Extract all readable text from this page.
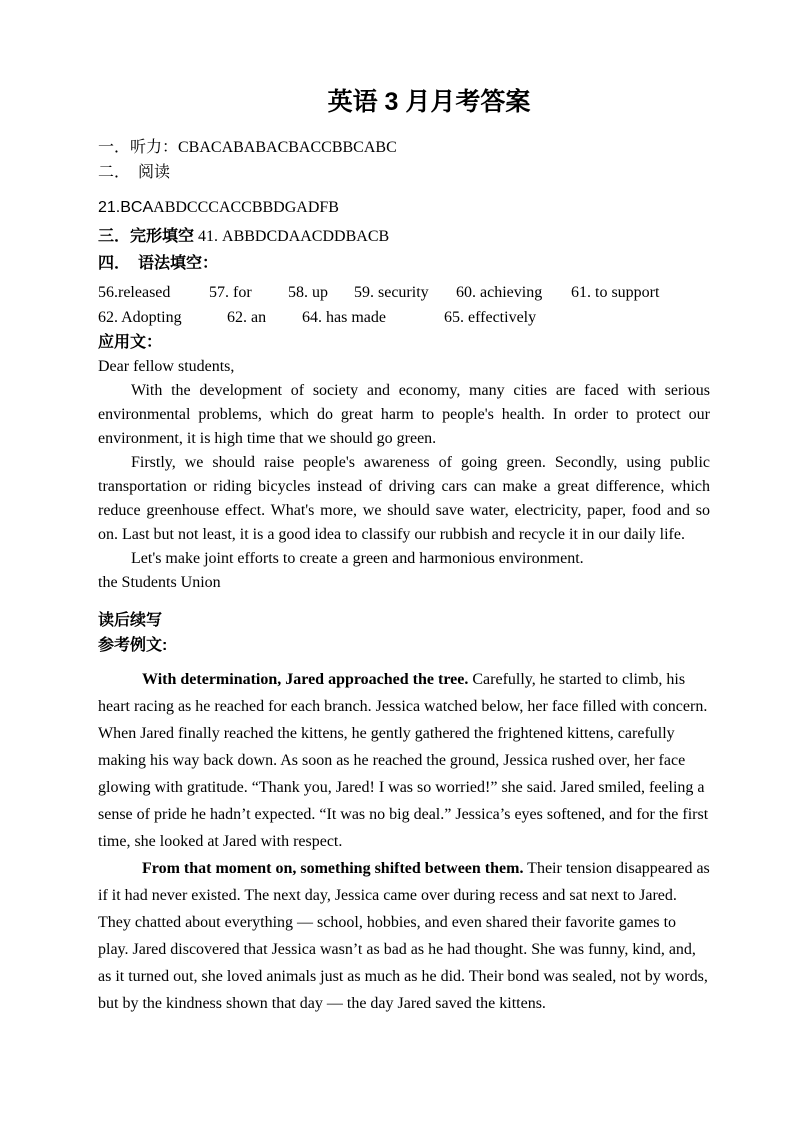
英语 3 月月考答案
一．听力：CBACABABACBACCBBCABC
二．　阅读
21.BCAABDCCCACCBBDGADFB
三．完形填空 41. ABBDCDAACDDBACB
四．　语法填空：
56.released 57. for 58. up 59. security 60. achieving 61. to support
62. Adopting	62. an 64. has made	65. effectively
应用文：

Dear fellow students,

With the development of society and economy, many cities are faced with serious environmental problems, which do great harm to people's health. In order to protect our environment, it is high time that we should go green.

Firstly, we should raise people's awareness of going green. Secondly, using public transportation or riding bicycles instead of driving cars can make a great difference, which reduce greenhouse effect. What's more, we should save water, electricity, paper, food and so on. Last but not least, it is a good idea to classify our rubbish and recycle it in our daily life.

Let's make joint efforts to create a green and harmonious environment.

the Students Union

读后续写
参考例文:

With determination, Jared approached the tree. Carefully, he started to climb, his heart racing as he reached for each branch. Jessica watched below, her face filled with concern. When Jared finally reached the kittens, he gently gathered the frightened kittens, carefully making his way back down. As soon as he reached the ground, Jessica rushed over, her face glowing with gratitude. “Thank you, Jared! I was so worried!” she said. Jared smiled, feeling a sense of pride he hadn’t expected. “It was no big deal.” Jessica’s eyes softened, and for the first time, she looked at Jared with respect.

From that moment on, something shifted between them. Their tension disappeared as if it had never existed. The next day, Jessica came over during recess and sat next to Jared. They chatted about everything — school, hobbies, and even shared their favorite games to play. Jared discovered that Jessica wasn’t as bad as he had thought. She was funny, kind, and, as it turned out, she loved animals just as much as he did. Their bond was sealed, not by words, but by the kindness shown that day — the day Jared saved the kittens.
